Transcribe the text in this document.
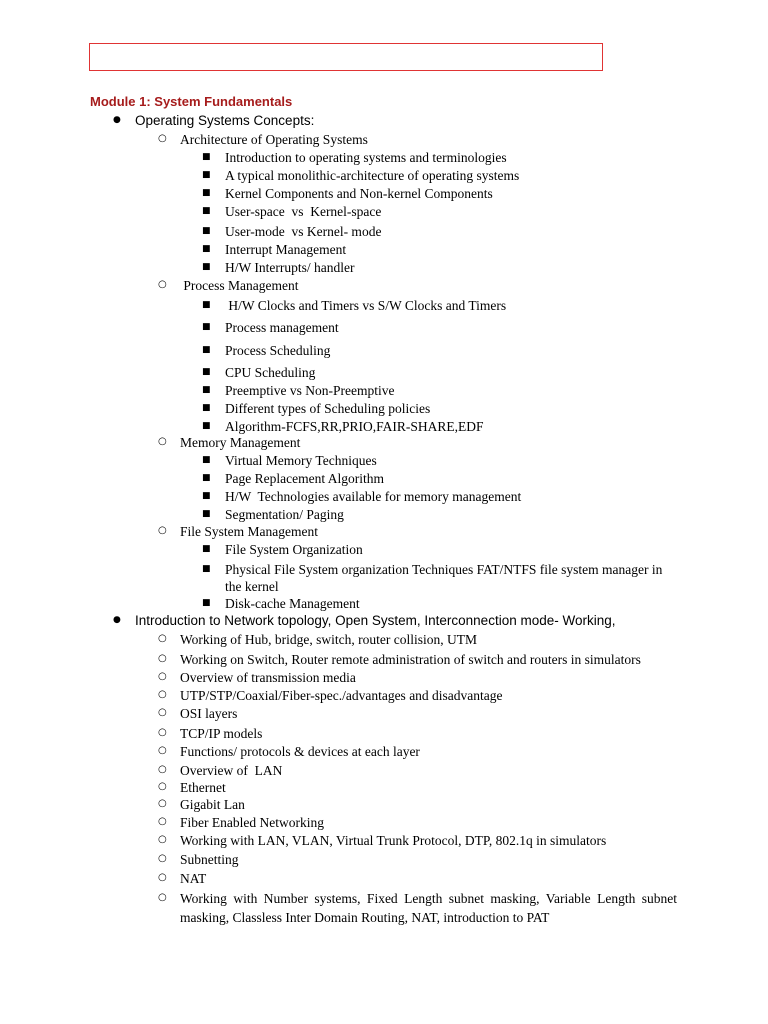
Module 1: System Fundamentals
● Operating Systems Concepts:
○ Architecture of Operating Systems
■ Introduction to operating systems and terminologies
■ A typical monolithic-architecture of operating systems
■ Kernel Components and Non-kernel Components
■ User-space  vs  Kernel-space
■ User-mode  vs Kernel- mode
■ Interrupt Management
■ H/W Interrupts/ handler
○ Process Management
■ H/W Clocks and Timers vs S/W Clocks and Timers
■ Process management
■ Process Scheduling
■ CPU Scheduling
■ Preemptive vs Non-Preemptive
■ Different types of Scheduling policies
■ Algorithm-FCFS,RR,PRIO,FAIR-SHARE,EDF
○ Memory Management
■ Virtual Memory Techniques
■ Page Replacement Algorithm
■ H/W  Technologies available for memory management
■ Segmentation/ Paging
○ File System Management
■ File System Organization
■ Physical File System organization Techniques FAT/NTFS file system manager in the kernel
■ Disk-cache Management
● Introduction to Network topology, Open System, Interconnection mode- Working,
○ Working of Hub, bridge, switch, router collision, UTM
○ Working on Switch, Router remote administration of switch and routers in simulators
○ Overview of transmission media
○ UTP/STP/Coaxial/Fiber-spec./advantages and disadvantage
○ OSI layers
○ TCP/IP models
○ Functions/ protocols & devices at each layer
○ Overview of  LAN
○ Ethernet
○ Gigabit Lan
○ Fiber Enabled Networking
○ Working with LAN, VLAN, Virtual Trunk Protocol, DTP, 802.1q in simulators
○ Subnetting
○ NAT
○ Working with Number systems, Fixed Length subnet masking, Variable Length subnet masking, Classless Inter Domain Routing, NAT, introduction to PAT
